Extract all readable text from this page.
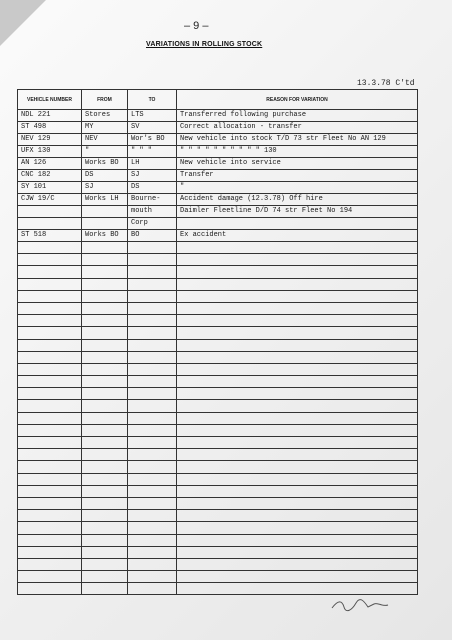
– 9 –
VARIATIONS IN ROLLING STOCK
13.3.78 C'td
VEHICLE NUMBER	FROM	TO	REASON FOR VARIATION
NDL 221	Stores	LTS	Transferred following purchase
ST 498	MY	SV	Correct allocation - transfer
NEV 129	NEV	Wor's BO	New vehicle into stock T/D 73 str Fleet No AN 129
UFX 130	"	" " "	" " " " " " " " " " 130
AN 126	Works BO	LH	New vehicle into service
CNC 182	DS	SJ	Transfer
SY 101	SJ	DS	"
CJW 19/C	Works LH	Bourne-	Accident damage (12.3.78) Off hire
		mouth	Daimler Fleetline D/D 74 str Fleet No 194
		Corp	
ST 518	Works BO	BO	Ex accident
